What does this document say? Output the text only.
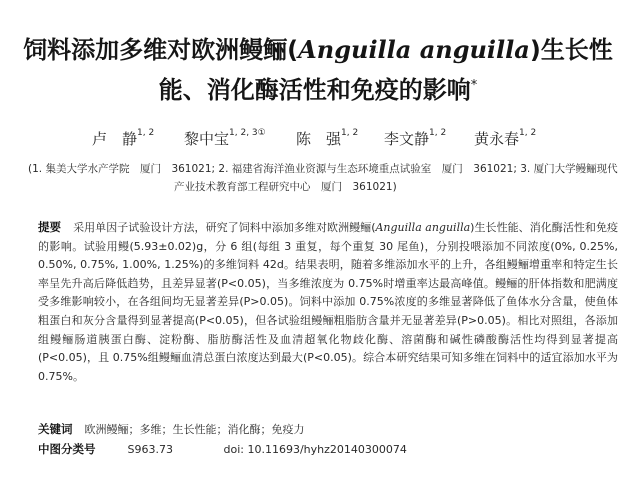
饲料添加多维对欧洲鳗鲡(Anguilla anguilla)生长性
能、消化酶活性和免疫的影响*
卢　静$^{1, 2}$ 黎中宝$^{1, 2, 3①}$ 陈　强$^{1, 2}$ 李文静$^{1, 2}$ 黄永春$^{1, 2}$
(1. 集美大学水产学院　厦门　361021; 2. 福建省海洋渔业资源与生态环境重点试验室　厦门　361021; 3. 厦门大学鳗鲡现代
产业技术教育部工程研究中心　厦门　361021)
提要 采用单因子试验设计方法，研究了饲料中添加多维对欧洲鳗鲡(Anguilla anguilla)生长性能、消化酶活性和免疫的影响。试验用鳗(5.93±0.02)g，分 6 组(每组 3 重复，每个重复 30 尾鱼)，分别投喂添加不同浓度(0%, 0.25%, 0.50%, 0.75%, 1.00%, 1.25%)的多维饲料 42d。结果表明，随着多维添加水平的上升，各组鳗鲡增重率和特定生长率呈先升高后降低趋势，且差异显著(P<0.05)，当多维浓度为 0.75%时增重率达最高峰值。鳗鲡的肝体指数和肥满度受多维影响较小，在各组间均无显著差异(P>0.05)。饲料中添加 0.75%浓度的多维显著降低了鱼体水分含量，使鱼体粗蛋白和灰分含量得到显著提高(P<0.05)，但各试验组鳗鲡粗脂肪含量并无显著差异(P>0.05)。相比对照组，各添加组鳗鲡肠道胰蛋白酶、淀粉酶、脂肪酶活性及血清超氧化物歧化酶、溶菌酶和碱性磷酸酶活性均得到显著提高(P<0.05)，且 0.75%组鳗鲡血清总蛋白浓度达到最大(P<0.05)。综合本研究结果可知多维在饲料中的适宜添加水平为 0.75%。
关键词 欧洲鳗鲡；多维；生长性能；消化酶；免疫力
中图分类号	S963.73	doi: 10.11693/hyhz20140300074
